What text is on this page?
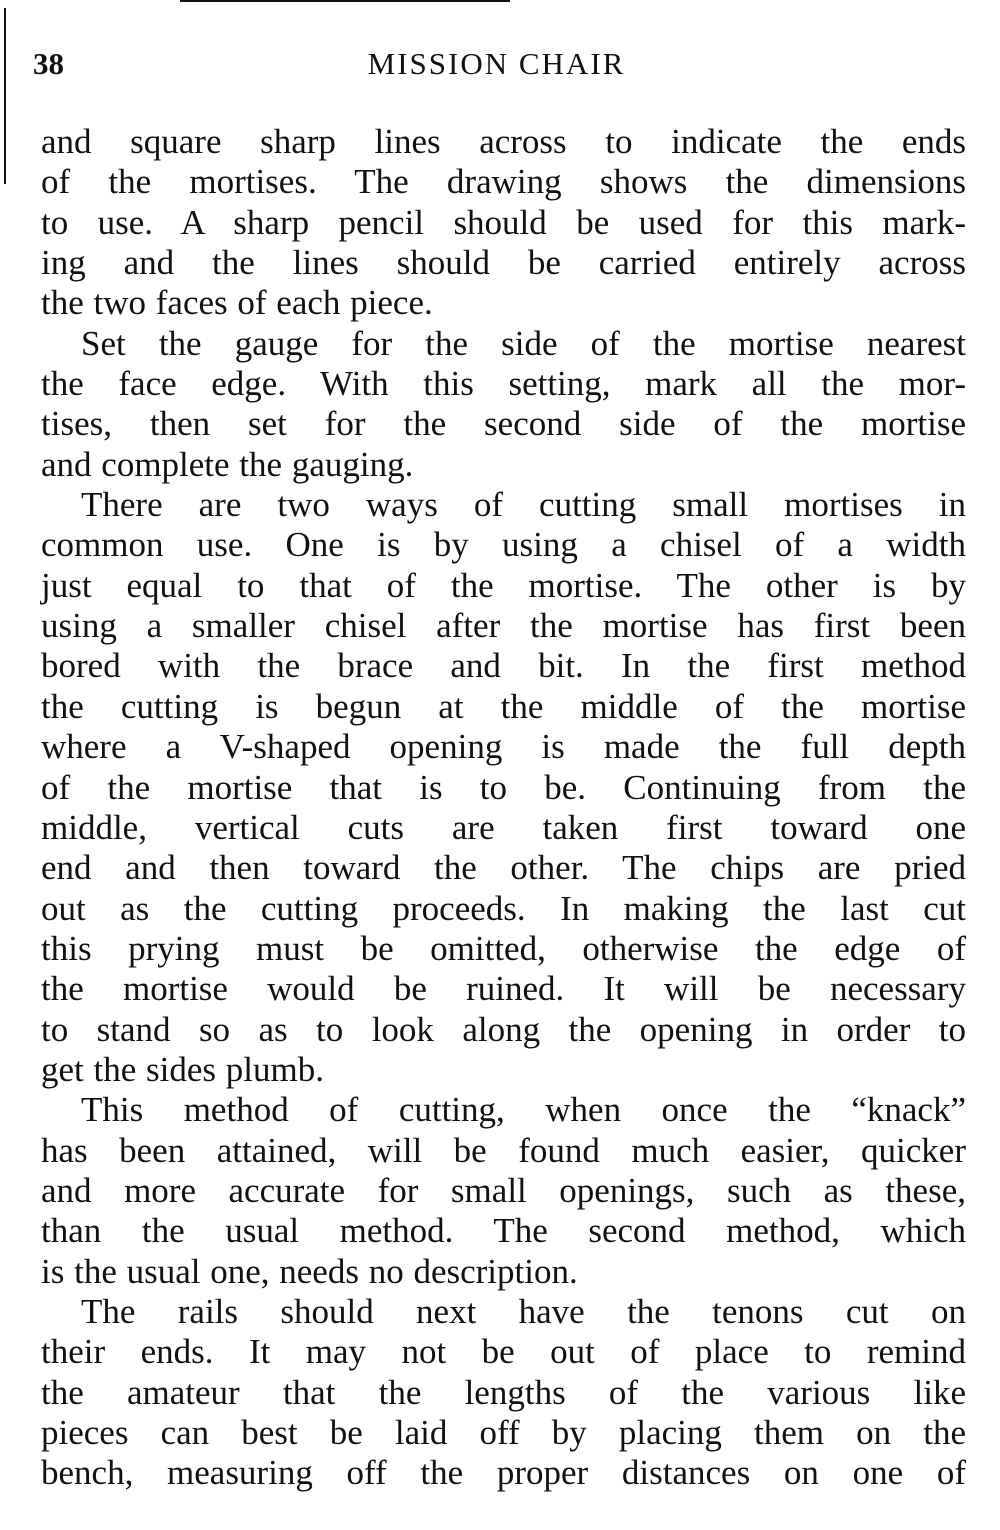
38	MISSION CHAIR
and square sharp lines across to indicate the ends
of the mortises. The drawing shows the dimensions
to use. A sharp pencil should be used for this mark-
ing and the lines should be carried entirely across
the two faces of each piece.
Set the gauge for the side of the mortise nearest
the face edge. With this setting, mark all the mor-
tises, then set for the second side of the mortise
and complete the gauging.
There are two ways of cutting small mortises in
common use. One is by using a chisel of a width
just equal to that of the mortise. The other is by
using a smaller chisel after the mortise has first been
bored with the brace and bit. In the first method
the cutting is begun at the middle of the mortise
where a V-shaped opening is made the full depth
of the mortise that is to be. Continuing from the
middle, vertical cuts are taken first toward one
end and then toward the other. The chips are pried
out as the cutting proceeds. In making the last cut
this prying must be omitted, otherwise the edge of
the mortise would be ruined. It will be necessary
to stand so as to look along the opening in order to
get the sides plumb.
This method of cutting, when once the “knack”
has been attained, will be found much easier, quicker
and more accurate for small openings, such as these,
than the usual method. The second method, which
is the usual one, needs no description.
The rails should next have the tenons cut on
their ends. It may not be out of place to remind
the amateur that the lengths of the various like
pieces can best be laid off by placing them on the
bench, measuring off the proper distances on one of
